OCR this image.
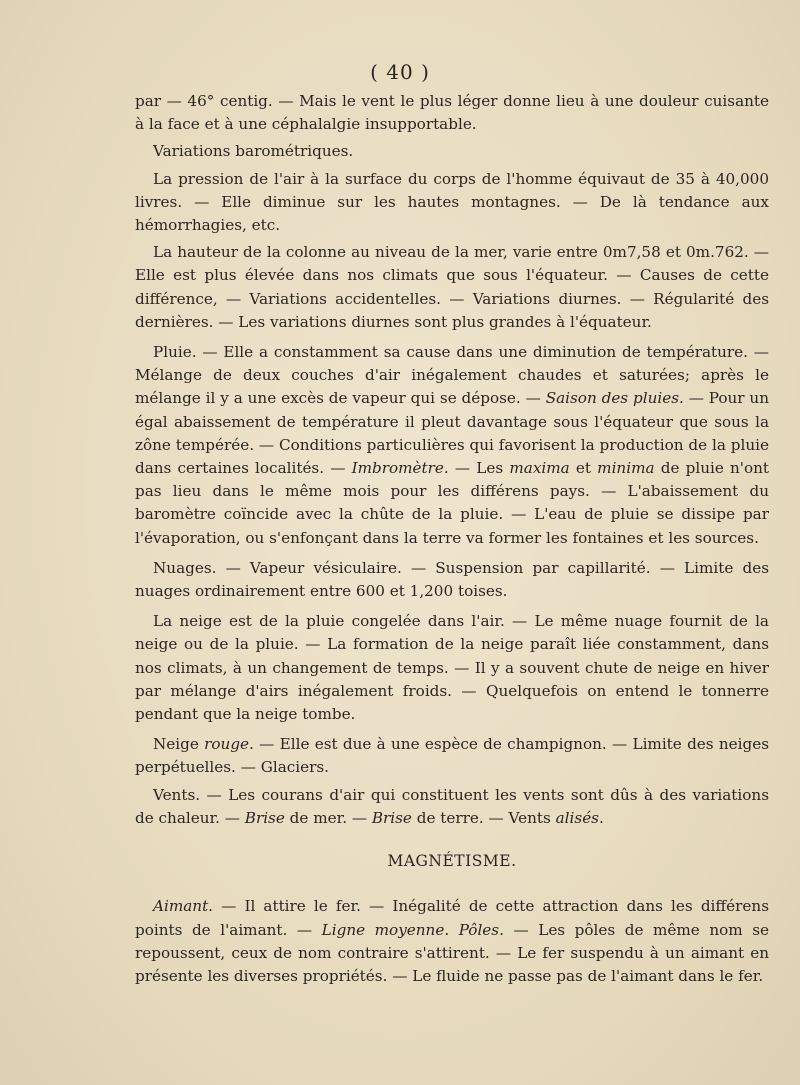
( 40 )

par — 46° centig. — Mais le vent le plus léger donne lieu à une douleur cuisante à la face et à une céphalalgie insupportable.

Variations barométriques.

La pression de l'air à la surface du corps de l'homme équivaut de 35 à 40,000 livres. — Elle diminue sur les hautes montagnes. — De là tendance aux hémorrhagies, etc.

La hauteur de la colonne au niveau de la mer, varie entre 0m7,58 et 0m.762. — Elle est plus élevée dans nos climats que sous l'équateur. — Causes de cette différence, — Variations accidentelles. — Variations diurnes. — Régularité des dernières. — Les variations diurnes sont plus grandes à l'équateur.

Pluie. — Elle a constamment sa cause dans une diminution de température. — Mélange de deux couches d'air inégalement chaudes et saturées; après le mélange il y a une excès de vapeur qui se dépose. — Saison des pluies. — Pour un égal abaissement de température il pleut davantage sous l'équateur que sous la zône tempérée. — Conditions particulières qui favorisent la production de la pluie dans certaines localités. — Imbromètre. — Les maxima et minima de pluie n'ont pas lieu dans le même mois pour les différens pays. — L'abaissement du baromètre coïncide avec la chûte de la pluie. — L'eau de pluie se dissipe par l'évaporation, ou s'enfonçant dans la terre va former les fontaines et les sources.

Nuages. — Vapeur vésiculaire. — Suspension par capillarité. — Limite des nuages ordinairement entre 600 et 1,200 toises.

La neige est de la pluie congelée dans l'air. — Le même nuage fournit de la neige ou de la pluie. — La formation de la neige paraît liée constamment, dans nos climats, à un changement de temps. — Il y a souvent chute de neige en hiver par mélange d'airs inégalement froids. — Quelquefois on entend le tonnerre pendant que la neige tombe.

Neige rouge. — Elle est due à une espèce de champignon. — Limite des neiges perpétuelles. — Glaciers.

Vents. — Les courans d'air qui constituent les vents sont dûs à des variations de chaleur. — Brise de mer. — Brise de terre. — Vents alisés.

MAGNÉTISME.

Aimant. — Il attire le fer. — Inégalité de cette attraction dans les différens points de l'aimant. — Ligne moyenne. Pôles. — Les pôles de même nom se repoussent, ceux de nom contraire s'attirent. — Le fer suspendu à un aimant en présente les diverses propriétés. — Le fluide ne passe pas de l'aimant dans le fer.
